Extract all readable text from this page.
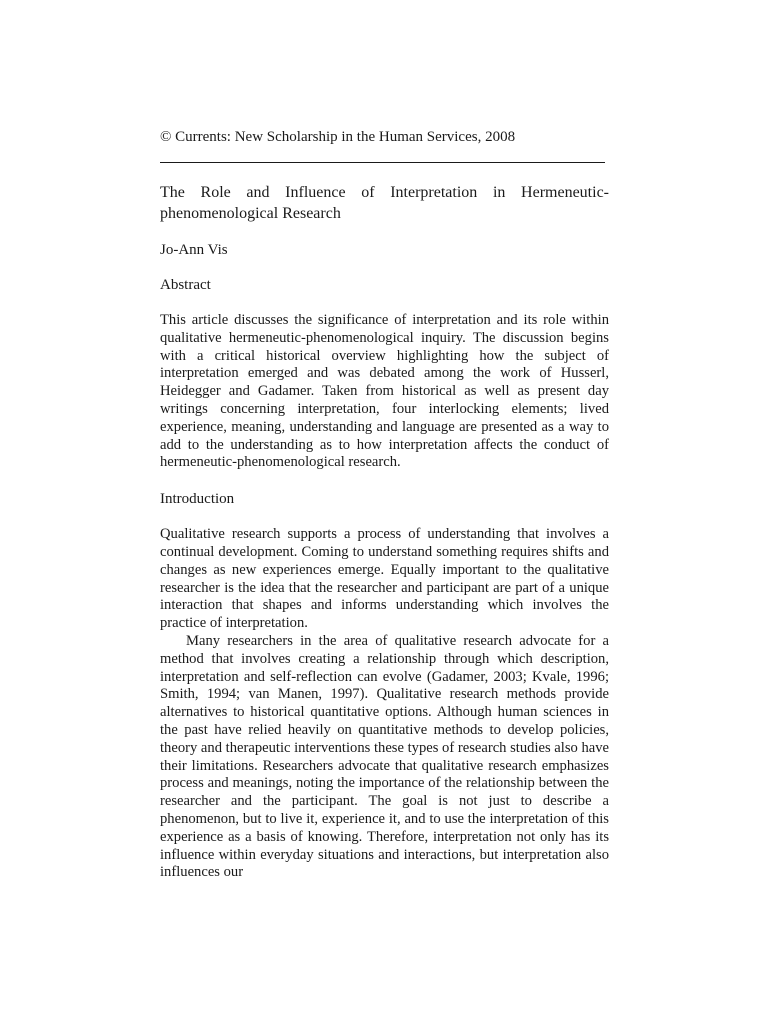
© Currents: New Scholarship in the Human Services, 2008

The Role and Influence of Interpretation in Hermeneutic-phenomenological Research

Jo-Ann Vis

Abstract

This article discusses the significance of interpretation and its role within qualitative hermeneutic-phenomenological inquiry. The discussion begins with a critical historical overview highlighting how the subject of interpretation emerged and was debated among the work of Husserl, Heidegger and Gadamer. Taken from historical as well as present day writings concerning interpretation, four interlocking elements; lived experience, meaning, understanding and language are presented as a way to add to the understanding as to how interpretation affects the conduct of hermeneutic-phenomenological research.

Introduction

Qualitative research supports a process of understanding that involves a continual development. Coming to understand something requires shifts and changes as new experiences emerge. Equally important to the qualitative researcher is the idea that the researcher and participant are part of a unique interaction that shapes and informs understanding which involves the practice of interpretation.

Many researchers in the area of qualitative research advocate for a method that involves creating a relationship through which description, interpretation and self-reflection can evolve (Gadamer, 2003; Kvale, 1996; Smith, 1994; van Manen, 1997). Qualitative research methods provide alternatives to historical quantitative options. Although human sciences in the past have relied heavily on quantitative methods to develop policies, theory and therapeutic interventions these types of research studies also have their limitations. Researchers advocate that qualitative research emphasizes process and meanings, noting the importance of the relationship between the researcher and the participant. The goal is not just to describe a phenomenon, but to live it, experience it, and to use the interpretation of this experience as a basis of knowing. Therefore, interpretation not only has its influence within everyday situations and interactions, but interpretation also influences our
